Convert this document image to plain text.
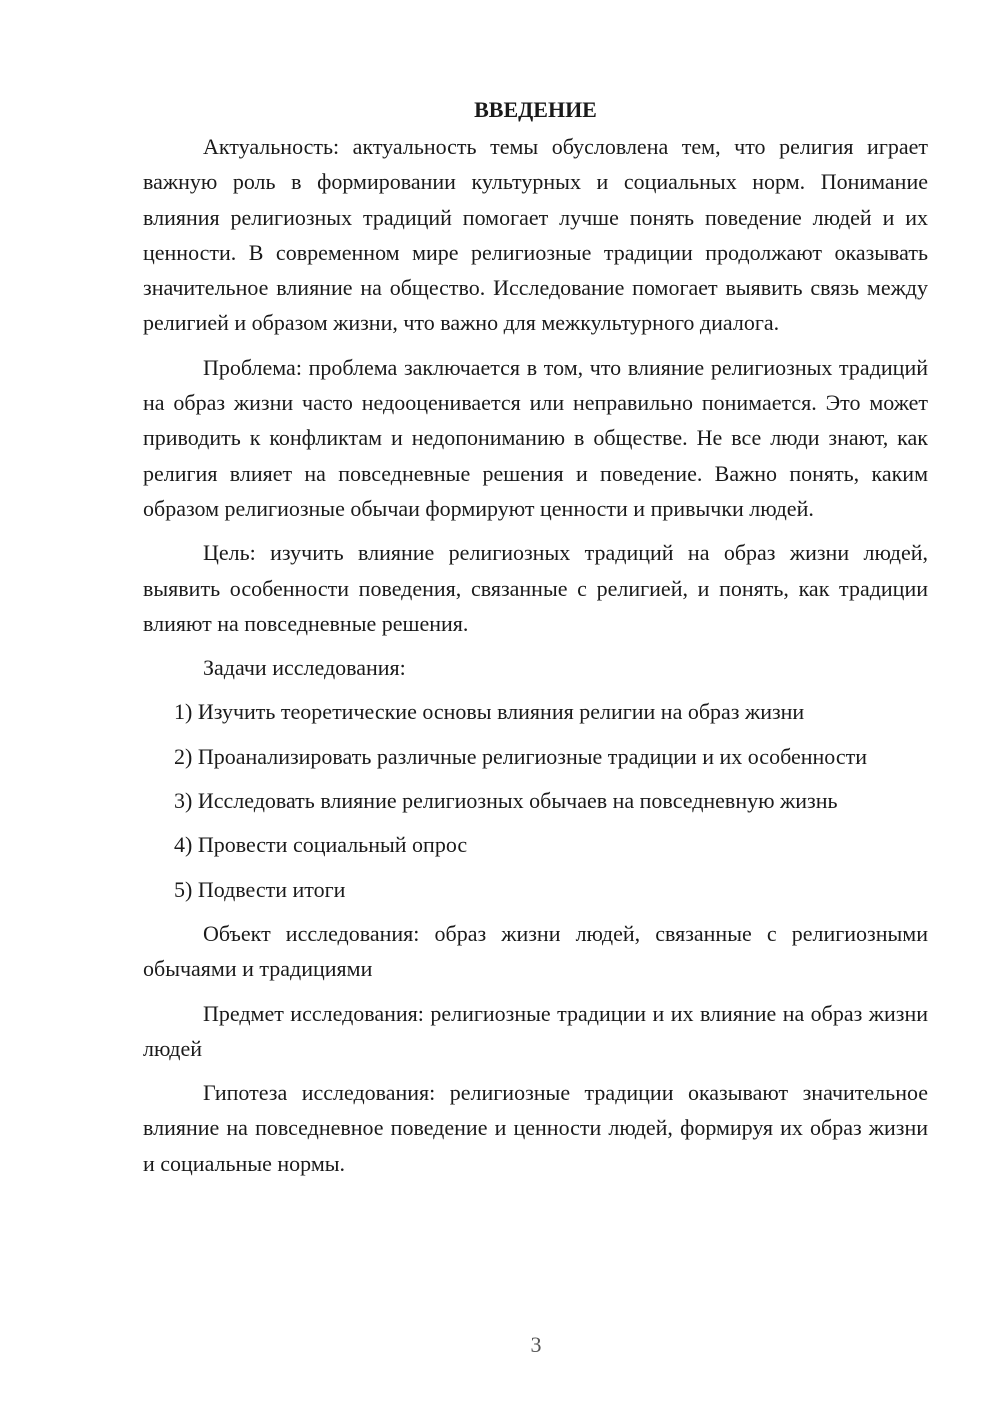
ВВЕДЕНИЕ

Актуальность: актуальность темы обусловлена тем, что религия играет важную роль в формировании культурных и социальных норм. Понимание влияния религиозных традиций помогает лучше понять поведение людей и их ценности. В современном мире религиозные традиции продолжают оказывать значительное влияние на общество. Исследование помогает выявить связь между религией и образом жизни, что важно для межкультурного диалога.

Проблема: проблема заключается в том, что влияние религиозных традиций на образ жизни часто недооценивается или неправильно понимается. Это может приводить к конфликтам и недопониманию в обществе. Не все люди знают, как религия влияет на повседневные решения и поведение. Важно понять, каким образом религиозные обычаи формируют ценности и привычки людей.

Цель: изучить влияние религиозных традиций на образ жизни людей, выявить особенности поведения, связанные с религией, и понять, как традиции влияют на повседневные решения.

Задачи исследования:

1) Изучить теоретические основы влияния религии на образ жизни

2) Проанализировать различные религиозные традиции и их особенности

3) Исследовать влияние религиозных обычаев на повседневную жизнь

4) Провести социальный опрос

5) Подвести итоги

Объект исследования: образ жизни людей, связанные с религиозными обычаями и традициями

Предмет исследования: религиозные традиции и их влияние на образ жизни людей

Гипотеза исследования: религиозные традиции оказывают значительное влияние на повседневное поведение и ценности людей, формируя их образ жизни и социальные нормы.

3
